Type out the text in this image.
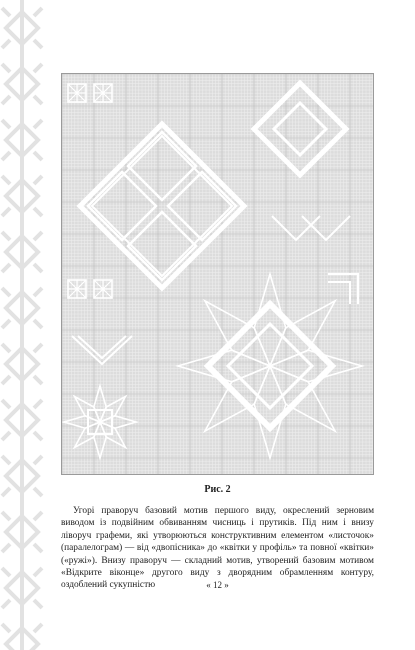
Рис. 2

Угорі праворуч базовий мотив першого виду, окреслений зерновим виводом із подвійним обвиванням чисниць і прутиків. Під ним і внизу ліворуч графеми, які утворюються конструктивним елементом «листочок» (паралелограм) — від «двопісника» до «квітки у профіль» та повної «квітки» («ружі»). Внизу праворуч — складний мотив, утворений базовим мотивом «Відкрите віконце» другого виду з дворядним обрамленням контуру, оздоблений сукупністю	« 12 »
